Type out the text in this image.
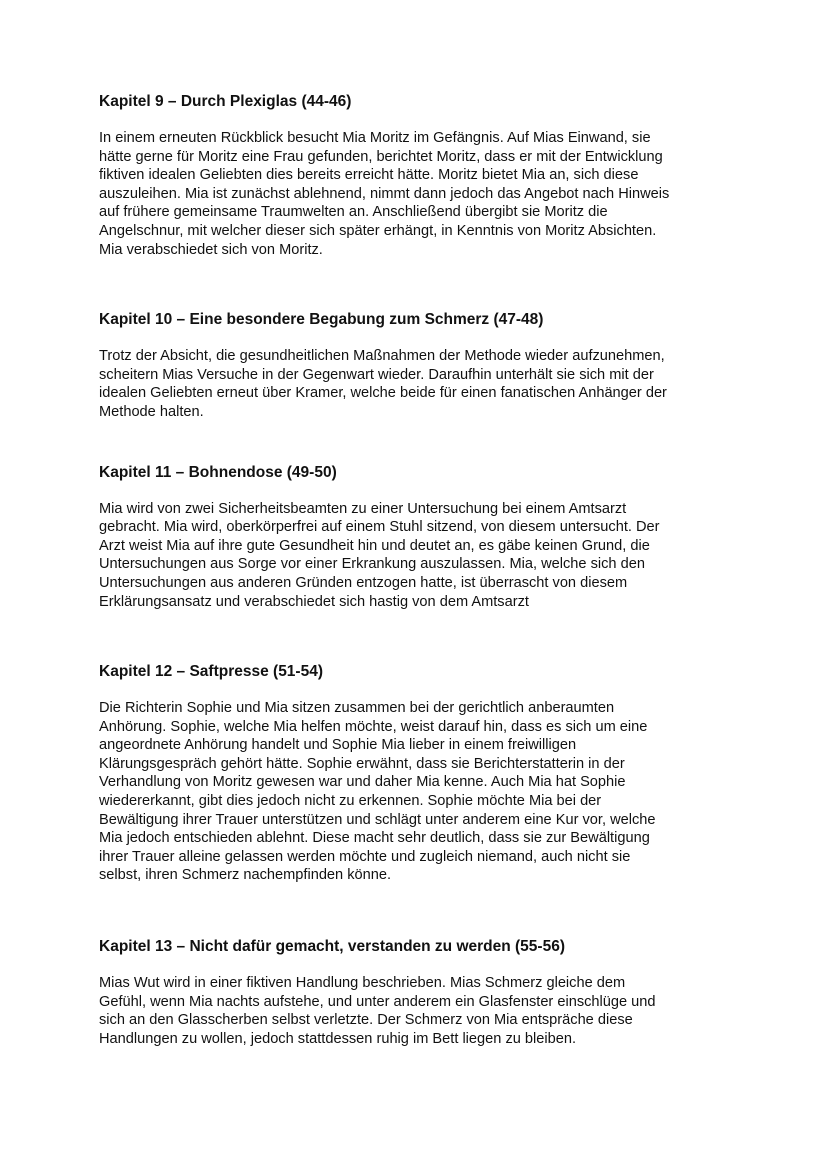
Kapitel 9 – Durch Plexiglas (44-46)

In einem erneuten Rückblick besucht Mia Moritz im Gefängnis. Auf Mias Einwand, sie
hätte gerne für Moritz eine Frau gefunden, berichtet Moritz, dass er mit der Entwicklung
fiktiven idealen Geliebten dies bereits erreicht hätte. Moritz bietet Mia an, sich diese
auszuleihen. Mia ist zunächst ablehnend, nimmt dann jedoch das Angebot nach Hinweis
auf frühere gemeinsame Traumwelten an. Anschließend übergibt sie Moritz die
Angelschnur, mit welcher dieser sich später erhängt, in Kenntnis von Moritz Absichten.
Mia verabschiedet sich von Moritz.

Kapitel 10 – Eine besondere Begabung zum Schmerz (47-48)

Trotz der Absicht, die gesundheitlichen Maßnahmen der Methode wieder aufzunehmen,
scheitern Mias Versuche in der Gegenwart wieder. Daraufhin unterhält sie sich mit der
idealen Geliebten erneut über Kramer, welche beide für einen fanatischen Anhänger der
Methode halten.

Kapitel 11 – Bohnendose (49-50)

Mia wird von zwei Sicherheitsbeamten zu einer Untersuchung bei einem Amtsarzt
gebracht. Mia wird, oberkörperfrei auf einem Stuhl sitzend, von diesem untersucht. Der
Arzt weist Mia auf ihre gute Gesundheit hin und deutet an, es gäbe keinen Grund, die
Untersuchungen aus Sorge vor einer Erkrankung auszulassen. Mia, welche sich den
Untersuchungen aus anderen Gründen entzogen hatte, ist überrascht von diesem
Erklärungsansatz und verabschiedet sich hastig von dem Amtsarzt

Kapitel 12 – Saftpresse (51-54)

Die Richterin Sophie und Mia sitzen zusammen bei der gerichtlich anberaumten
Anhörung. Sophie, welche Mia helfen möchte, weist darauf hin, dass es sich um eine
angeordnete Anhörung handelt und Sophie Mia lieber in einem freiwilligen
Klärungsgespräch gehört hätte. Sophie erwähnt, dass sie Berichterstatterin in der
Verhandlung von Moritz gewesen war und daher Mia kenne. Auch Mia hat Sophie
wiedererkannt, gibt dies jedoch nicht zu erkennen. Sophie möchte Mia bei der
Bewältigung ihrer Trauer unterstützen und schlägt unter anderem eine Kur vor, welche
Mia jedoch entschieden ablehnt. Diese macht sehr deutlich, dass sie zur Bewältigung
ihrer Trauer alleine gelassen werden möchte und zugleich niemand, auch nicht sie
selbst, ihren Schmerz nachempfinden könne.

Kapitel 13 – Nicht dafür gemacht, verstanden zu werden (55-56)

Mias Wut wird in einer fiktiven Handlung beschrieben. Mias Schmerz gleiche dem
Gefühl, wenn Mia nachts aufstehe, und unter anderem ein Glasfenster einschlüge und
sich an den Glasscherben selbst verletzte. Der Schmerz von Mia entspräche diese
Handlungen zu wollen, jedoch stattdessen ruhig im Bett liegen zu bleiben.
